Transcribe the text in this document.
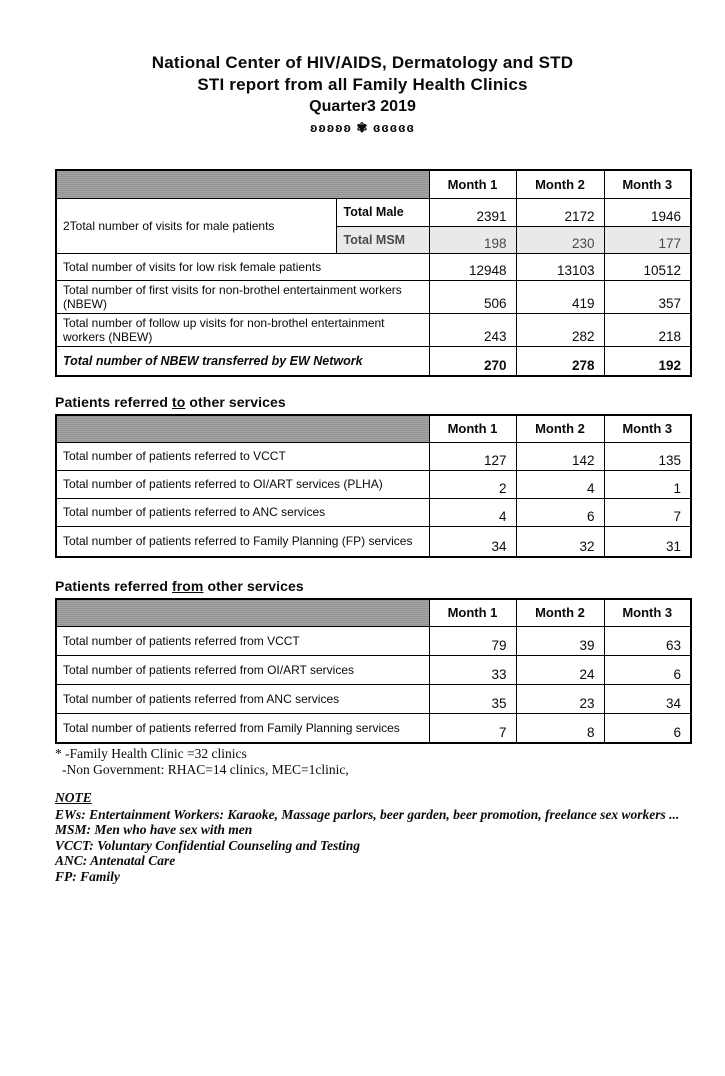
National Center of HIV/AIDS, Dermatology and STD
STI report from all Family Health Clinics
Quarter3 2019
ʚʚʚʚʚ ✾ ɞɞɞɞɞ
		Month 1	Month 2	Month 3
2Total number of visits for male patients	Total Male	2391	2172	1946
	Total MSM	198	230	177
Total number of visits for low risk female patients		12948	13103	10512
Total number of first visits for non-brothel entertainment workers (NBEW)		506	419	357
Total number of follow up visits for non-brothel entertainment workers (NBEW)		243	282	218
Total number of NBEW transferred by EW Network		270	278	192
Patients referred to other services
	Month 1	Month 2	Month 3
Total number of patients referred to VCCT	127	142	135
Total number of patients referred to OI/ART services (PLHA)	2	4	1
Total number of patients referred to ANC services	4	6	7
Total number of patients referred to Family Planning (FP) services	34	32	31
Patients referred from other services
	Month 1	Month 2	Month 3
Total number of patients referred from VCCT	79	39	63
Total number of patients referred from OI/ART services	33	24	6
Total number of patients referred from ANC services	35	23	34
Total number of patients referred from Family Planning services	7	8	6

* -Family Health Clinic =32 clinics

-Non Government: RHAC=14 clinics, MEC=1clinic,

NOTE

EWs: Entertainment Workers: Karaoke, Massage parlors, beer garden, beer promotion, freelance sex workers ...

MSM: Men who have sex with men

VCCT: Voluntary Confidential Counseling and Testing

ANC: Antenatal Care

FP: Family
